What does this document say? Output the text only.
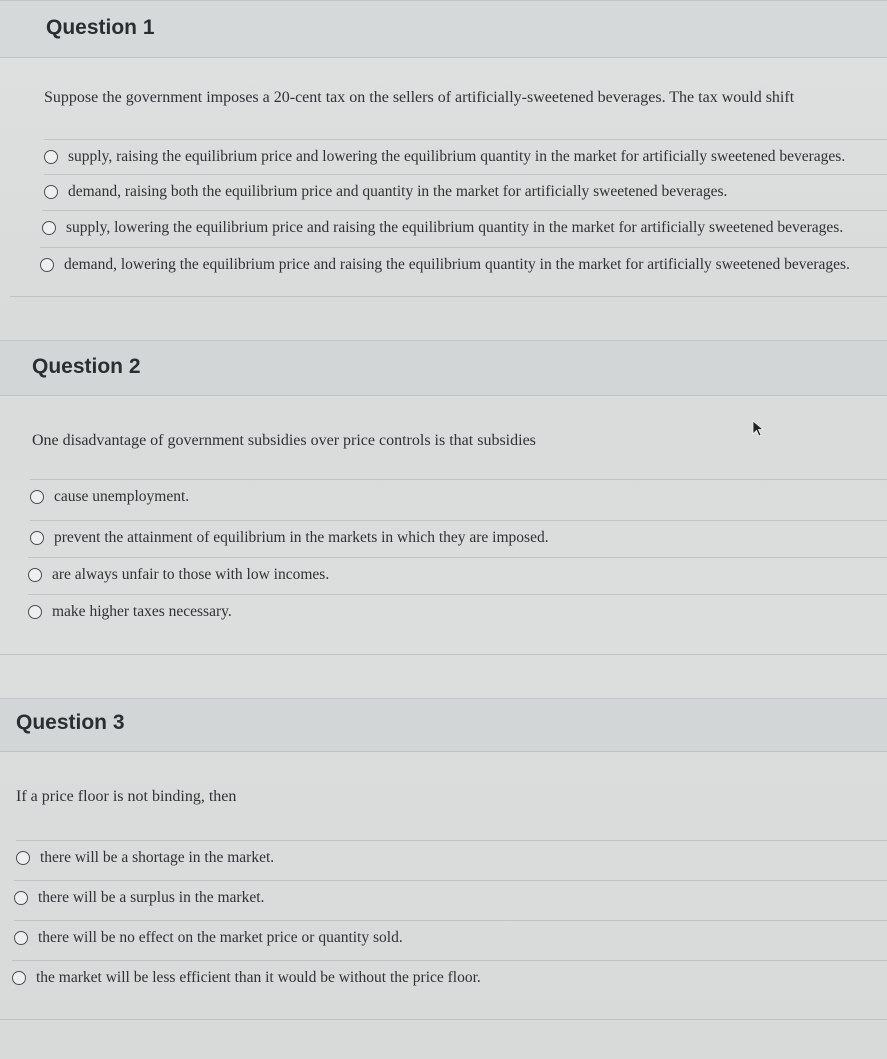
Question 1
Suppose the government imposes a 20-cent tax on the sellers of artificially-sweetened beverages. The tax would shift
supply, raising the equilibrium price and lowering the equilibrium quantity in the market for artificially sweetened beverages.
demand, raising both the equilibrium price and quantity in the market for artificially sweetened beverages.
supply, lowering the equilibrium price and raising the equilibrium quantity in the market for artificially sweetened beverages.
demand, lowering the equilibrium price and raising the equilibrium quantity in the market for artificially sweetened beverages.
Question 2
One disadvantage of government subsidies over price controls is that subsidies
cause unemployment.
prevent the attainment of equilibrium in the markets in which they are imposed.
are always unfair to those with low incomes.
make higher taxes necessary.
Question 3
If a price floor is not binding, then
there will be a shortage in the market.
there will be a surplus in the market.
there will be no effect on the market price or quantity sold.
the market will be less efficient than it would be without the price floor.
